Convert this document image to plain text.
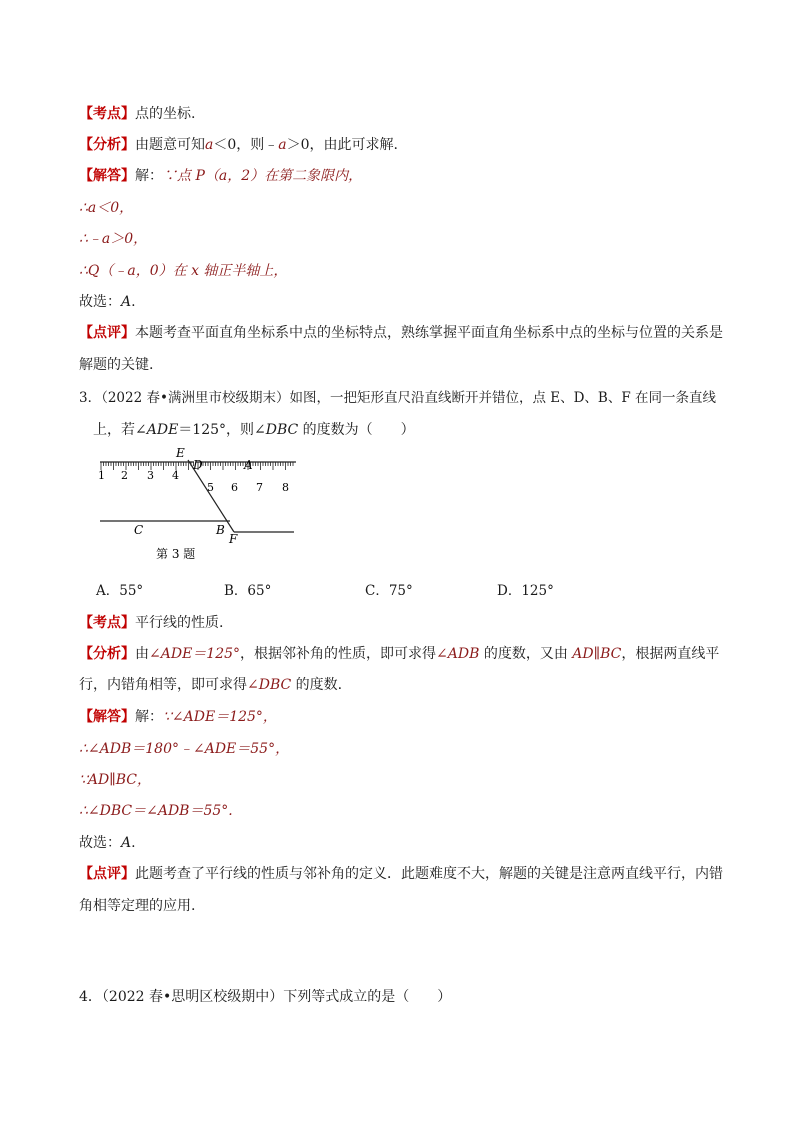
【考点】点的坐标.
【分析】由题意可知a＜0，则﹣a＞0，由此可求解.
【解答】解：∵点 P（a，2）在第二象限内，
∴a＜0，
∴﹣a＞0，
∴Q（﹣a，0）在 x 轴正半轴上，
故选：A.
【点评】本题考查平面直角坐标系中点的坐标特点，熟练掌握平面直角坐标系中点的坐标与位置的关系是
解题的关键.
3．（2022 春•满洲里市校级期末）如图，一把矩形直尺沿直线断开并错位，点 E、D、B、F 在同一条直线
上，若∠ADE＝125°，则∠DBC 的度数为（　　）
1 2 3 4
5 6 7 8
E
D	A
C	B
F
第 3 题
A．55°	B．65°	C．75°	D．125°
【考点】平行线的性质.
【分析】由∠ADE＝125°，根据邻补角的性质，即可求得∠ADB 的度数，又由 AD∥BC，根据两直线平
行，内错角相等，即可求得∠DBC 的度数.
【解答】解：∵∠ADE＝125°，
∴∠ADB＝180°﹣∠ADE＝55°，
∵AD∥BC，
∴∠DBC＝∠ADB＝55°.
故选：A.
【点评】此题考查了平行线的性质与邻补角的定义．此题难度不大，解题的关键是注意两直线平行，内错
角相等定理的应用.
4．（2022 春•思明区校级期中）下列等式成立的是（　　）
